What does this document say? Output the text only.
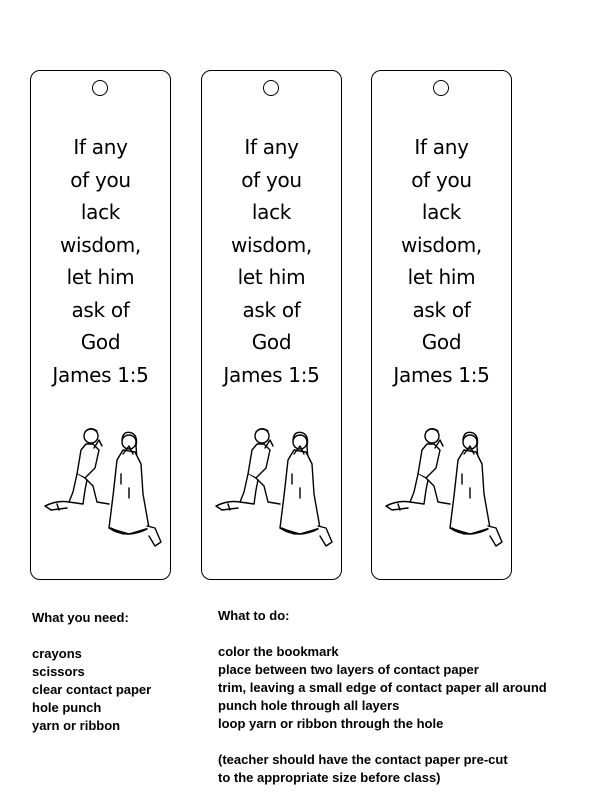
If any
of you
lack
wisdom,
let him
ask of
God
James 1:5
If any
of you
lack
wisdom,
let him
ask of
God
James 1:5
If any
of you
lack
wisdom,
let him
ask of
God
James 1:5
What you need:
crayons
scissors
clear contact paper
hole punch
yarn or ribbon
What to do:
color the bookmark
place between two layers of contact paper
trim, leaving a small edge of contact paper all around
punch hole through all layers
loop yarn or ribbon through the hole
(teacher should have the contact paper pre-cut
to the appropriate size before class)
